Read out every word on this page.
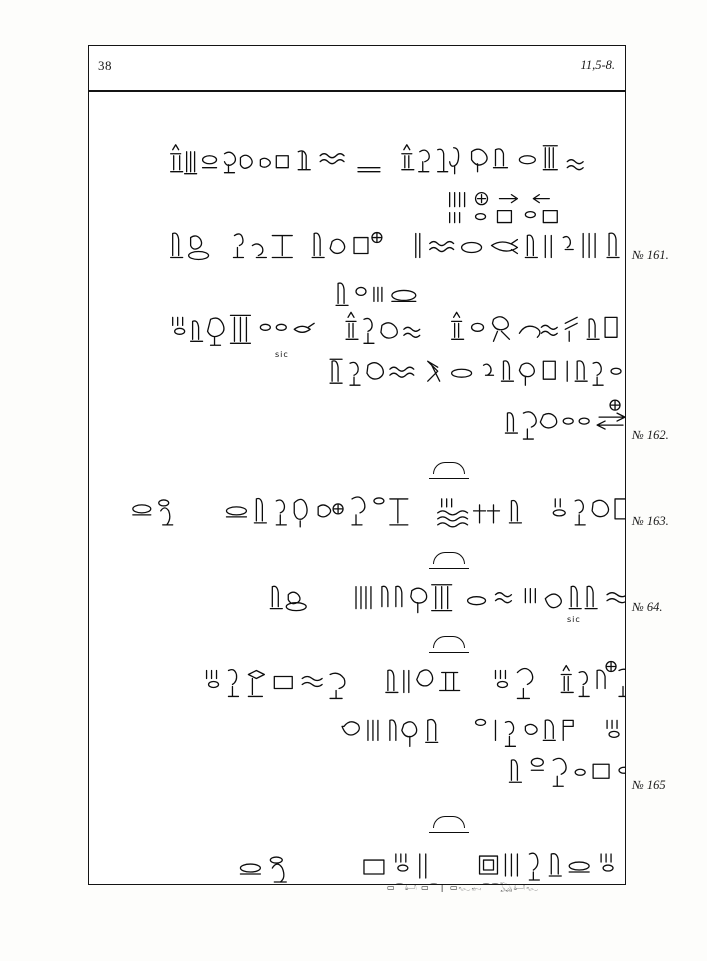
38	11,5-8.
sic
sic
▭⌒𓂞 ▭⌒❘ ▭𓆑𓀿⌒⌒𓆏𓂞𓆑
№ 161.
№ 162.
№ 163.
№ 64.
№ 165
